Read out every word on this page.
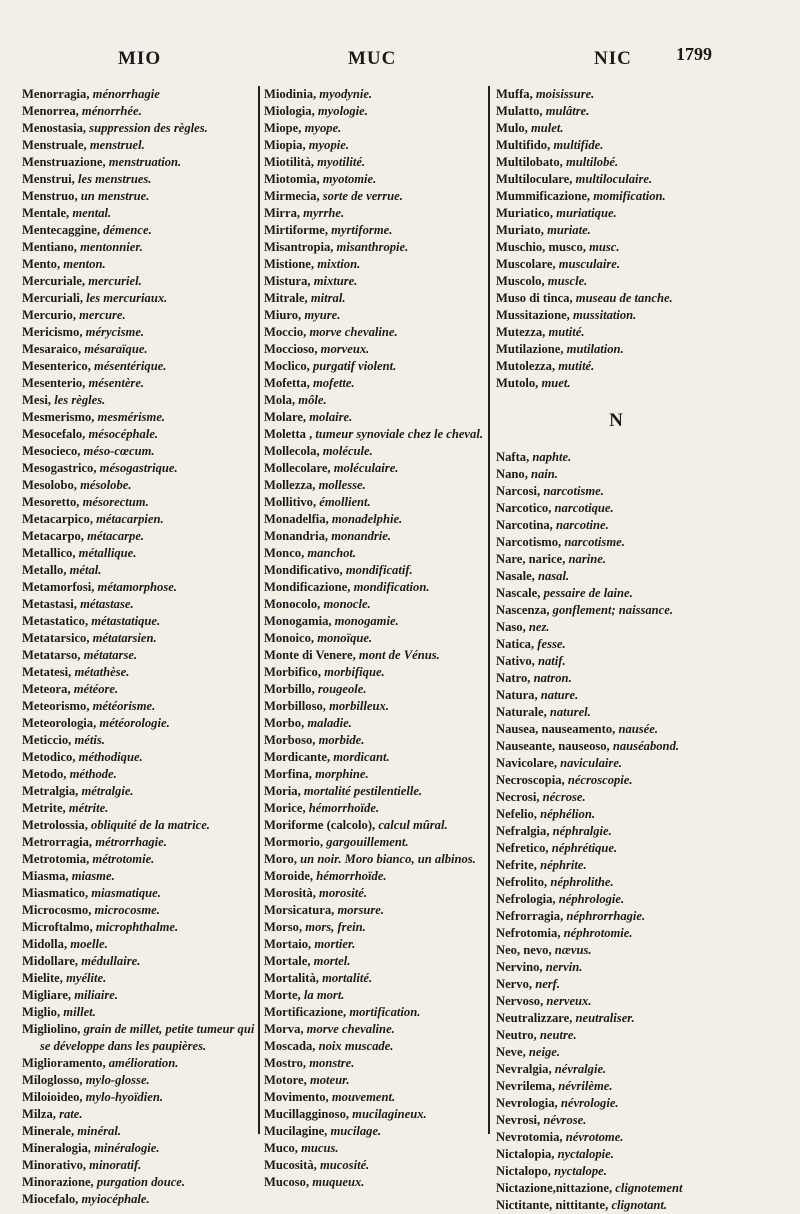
MIO	MUC	NIC 1799
Menorragia, ménorrhagie
Menorrea, ménorrhée.
Menostasia, suppression des règles.
Menstruale, menstruel.
Menstruazione, menstruation.
Menstrui, les menstrues.
Menstruo, un menstrue.
Mentale, mental.
Mentecaggine, démence.
Mentiano, mentonnier.
Mento, menton.
Mercuriale, mercuriel.
Mercuriali, les mercuriaux.
Mercurio, mercure.
Mericismo, mérycisme.
Mesaraico, mésaraïque.
Mesenterico, mésentérique.
Mesenterio, mésentère.
Mesi, les règles.
Mesmerismo, mesmérisme.
Mesocefalo, mésocéphale.
Mesocieco, méso-cœcum.
Mesogastrico, mésogastrique.
Mesolobo, mésolobe.
Mesoretto, mésorectum.
Metacarpico, métacarpien.
Metacarpo, métacarpe.
Metallico, métallique.
Metallo, métal.
Metamorfosi, métamorphose.
Metastasi, métastase.
Metastatico, métastatique.
Metatarsico, métatarsien.
Metatarso, métatarse.
Metatesi, métathèse.
Meteora, météore.
Meteorismo, météorisme.
Meteorologia, météorologie.
Meticcio, métis.
Metodico, méthodique.
Metodo, méthode.
Metralgia, métralgie.
Metrite, métrite.
Metrolossia, obliquité de la matrice.
Metrorragia, métrorrhagie.
Metrotomia, métrotomie.
Miasma, miasme.
Miasmatico, miasmatique.
Microcosmo, microcosme.
Microftalmo, microphthalme.
Midolla, moelle.
Midollare, médullaire.
Mielite, myélite.
Migliare, miliaire.
Miglio, millet.
Migliolino, grain de millet, petite tumeur qui se développe dans les paupières.
Miglioramento, amélioration.
Miloglosso, mylo-glosse.
Miloioideo, mylo-hyoïdien.
Milza, rate.
Minerale, minéral.
Mineralogia, minéralogie.
Minorativo, minoratif.
Minorazione, purgation douce.
Miocefalo, myiocéphale.
Miodinia, myodynie.
Miologia, myologie.
Miope, myope.
Miopia, myopie.
Miotilità, myotilité.
Miotomia, myotomie.
Mirmecia, sorte de verrue.
Mirra, myrrhe.
Mirtiforme, myrtiforme.
Misantropia, misanthropie.
Mistione, mixtion.
Mistura, mixture.
Mitrale, mitral.
Miuro, myure.
Moccio, morve chevaline.
Moccioso, morveux.
Moclico, purgatif violent.
Mofetta, mofette.
Mola, môle.
Molare, molaire.
Moletta , tumeur synoviale chez le cheval.
Mollecola, molécule.
Mollecolare, moléculaire.
Mollezza, mollesse.
Mollitivo, émollient.
Monadelfia, monadelphie.
Monandria, monandrie.
Monco, manchot.
Mondificativo, mondificatif.
Mondificazione, mondification.
Monocolo, monocle.
Monogamia, monogamie.
Monoico, monoïque.
Monte di Venere, mont de Vénus.
Morbifico, morbifique.
Morbillo, rougeole.
Morbilloso, morbilleux.
Morbo, maladie.
Morboso, morbide.
Mordicante, mordicant.
Morfina, morphine.
Moria, mortalité pestilentielle.
Morice, hémorrhoïde.
Moriforme (calcolo), calcul mûral.
Mormorio, gargouillement.
Moro, un noir. Moro bianco, un albinos.
Moroide, hémorrhoïde.
Morosità, morosité.
Morsicatura, morsure.
Morso, mors, frein.
Mortaio, mortier.
Mortale, mortel.
Mortalità, mortalité.
Morte, la mort.
Mortificazione, mortification.
Morva, morve chevaline.
Moscada, noix muscade.
Mostro, monstre.
Motore, moteur.
Movimento, mouvement.
Mucillagginoso, mucilagineux.
Mucilagine, mucilage.
Muco, mucus.
Mucosità, mucosité.
Mucoso, muqueux.
Muffa, moisissure.
Mulatto, mulâtre.
Mulo, mulet.
Multifido, multifide.
Multilobato, multilobé.
Multiloculare, multiloculaire.
Mummificazione, momification.
Muriatico, muriatique.
Muriato, muriate.
Muschio, musco, musc.
Muscolare, musculaire.
Muscolo, muscle.
Muso di tinca, museau de tanche.
Mussitazione, mussitation.
Mutezza, mutité.
Mutilazione, mutilation.
Mutolezza, mutité.
Mutolo, muet.
N
Nafta, naphte.
Nano, nain.
Narcosi, narcotisme.
Narcotico, narcotique.
Narcotina, narcotine.
Narcotismo, narcotisme.
Nare, narice, narine.
Nasale, nasal.
Nascale, pessaire de laine.
Nascenza, gonflement; naissance.
Naso, nez.
Natica, fesse.
Nativo, natif.
Natro, natron.
Natura, nature.
Naturale, naturel.
Nausea, nauseamento, nausée.
Nauseante, nauseoso, nauséabond.
Navicolare, naviculaire.
Necroscopia, nécroscopie.
Necrosi, nécrose.
Nefelio, néphélion.
Nefralgia, néphralgie.
Nefretico, néphrétique.
Nefrite, néphrite.
Nefrolito, néphrolithe.
Nefrologia, néphrologie.
Nefrorragia, néphrorrhagie.
Nefrotomia, néphrotomie.
Neo, nevo, nævus.
Nervino, nervin.
Nervo, nerf.
Nervoso, nerveux.
Neutralizzare, neutraliser.
Neutro, neutre.
Neve, neige.
Nevralgia, névralgie.
Nevrilema, névrilème.
Nevrologia, névrologie.
Nevrosi, névrose.
Nevrotomia, névrotome.
Nictalopia, nyctalopie.
Nictalopo, nyctalope.
Nictazione,nittazione, clignotement
Nictitante, nittitante, clignotant.
